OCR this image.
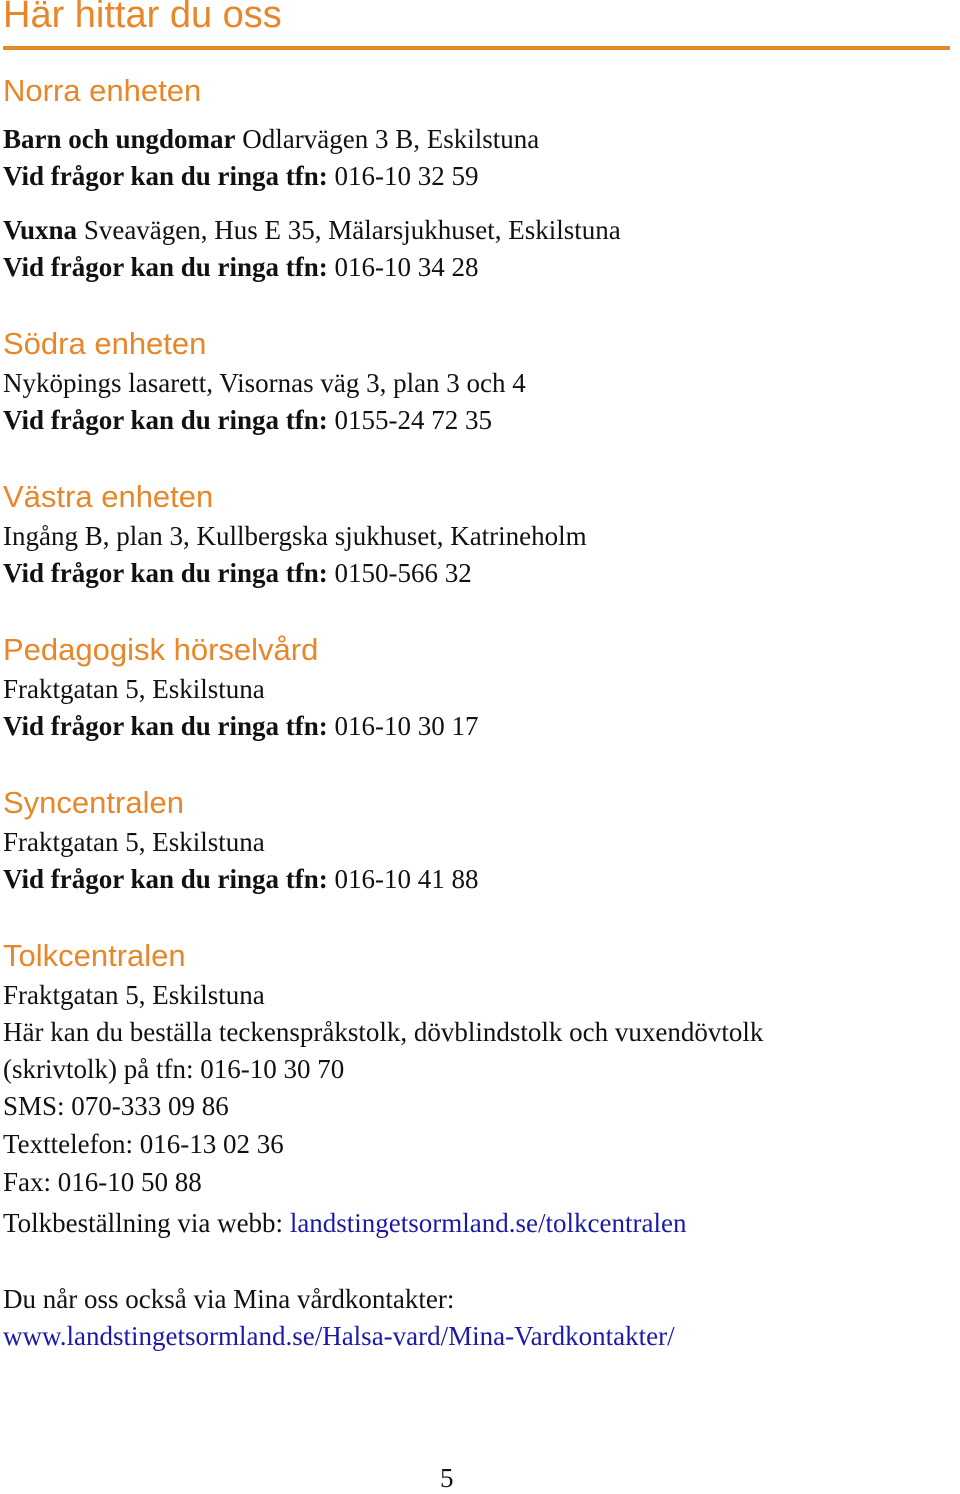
Här hittar du oss
Norra enheten
Barn och ungdomar Odlarvägen 3 B, Eskilstuna
Vid frågor kan du ringa tfn: 016-10 32 59
Vuxna Sveavägen, Hus E 35, Mälarsjukhuset, Eskilstuna
Vid frågor kan du ringa tfn: 016-10 34 28
Södra enheten
Nyköpings lasarett, Visornas väg 3, plan 3 och 4
Vid frågor kan du ringa tfn: 0155-24 72 35
Västra enheten
Ingång B, plan 3, Kullbergska sjukhuset, Katrineholm
Vid frågor kan du ringa tfn: 0150-566 32
Pedagogisk hörselvård
Fraktgatan 5, Eskilstuna
Vid frågor kan du ringa tfn: 016-10 30 17
Syncentralen
Fraktgatan 5, Eskilstuna
Vid frågor kan du ringa tfn: 016-10 41 88
Tolkcentralen
Fraktgatan 5, Eskilstuna
Här kan du beställa teckenspråkstolk, dövblindstolk och vuxendövtolk
(skrivtolk) på tfn: 016-10 30 70
SMS: 070-333 09 86
Texttelefon: 016-13 02 36
Fax: 016-10 50 88
Tolkbeställning via webb: landstingetsormland.se/tolkcentralen
Du når oss också via Mina vårdkontakter:
www.landstingetsormland.se/Halsa-vard/Mina-Vardkontakter/
5
